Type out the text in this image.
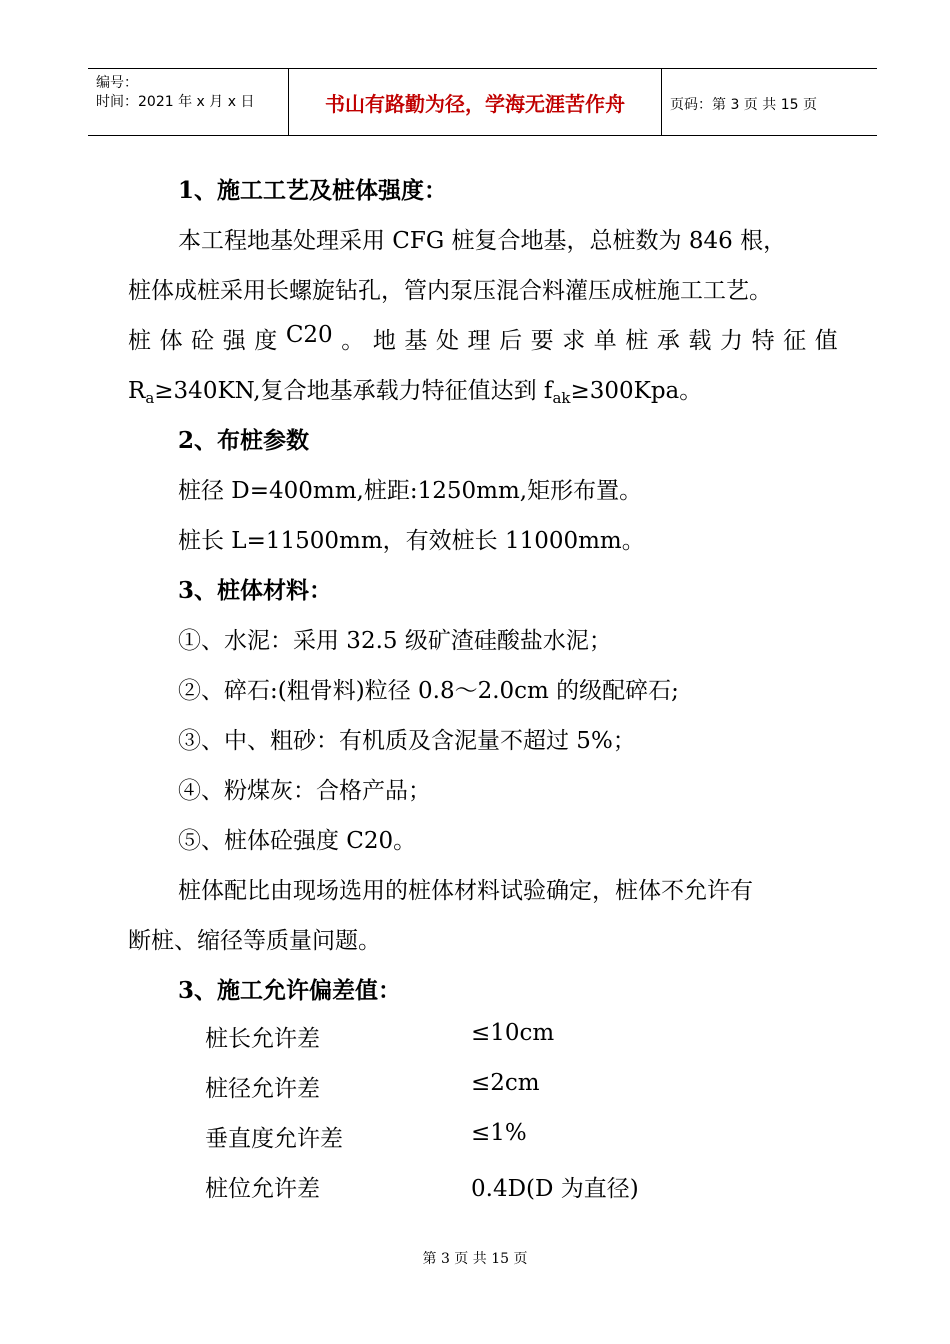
编号：
时间：2021 年 x 月 x 日	书山有路勤为径，学海无涯苦作舟	页码：第 3 页 共 15 页
1、施工工艺及桩体强度：
本工程地基处理采用 CFG 桩复合地基，总桩数为 846 根，
桩体成桩采用长螺旋钻孔，管内泵压混合料灌压成桩施工工艺。
桩 体 砼 强 度 C20 。 地 基 处 理 后 要 求 单 桩 承 载 力 特 征 值
$R_a\ge 340KN$,复合地基承载力特征值达到 $f_{ak}\ge 300Kpa$。
2、布桩参数
桩径 D=400mm,桩距:1250mm,矩形布置。
桩长 L=11500mm，有效桩长 11000mm。
3、桩体材料：
①、水泥：采用 32.5 级矿渣硅酸盐水泥；
②、碎石:(粗骨料)粒径 0.8～2.0cm 的级配碎石;
③、中、粗砂：有机质及含泥量不超过 5%；
④、粉煤灰：合格产品；
⑤、桩体砼强度 C20。
桩体配比由现场选用的桩体材料试验确定，桩体不允许有
断桩、缩径等质量问题。
3、施工允许偏差值：
桩长允许差	≤10cm
桩径允许差	≤2cm
垂直度允许差	≤1%
桩位允许差	0.4D(D 为直径)
第 3 页 共 15 页
